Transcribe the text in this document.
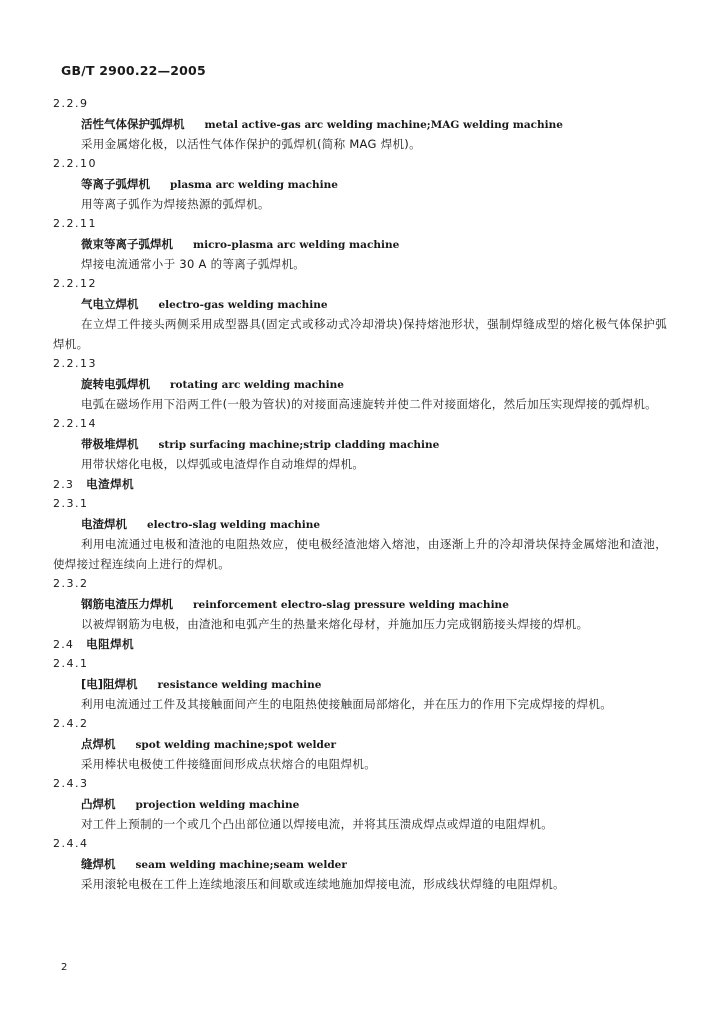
GB/T 2900.22—2005
2.2.9
活性气体保护弧焊机 metal active-gas arc welding machine;MAG welding machine

采用金属熔化极，以活性气体作保护的弧焊机(简称 MAG 焊机)。

2.2.10
等离子弧焊机 plasma arc welding machine

用等离子弧作为焊接热源的弧焊机。

2.2.11
微束等离子弧焊机 micro-plasma arc welding machine

焊接电流通常小于 30 A 的等离子弧焊机。

2.2.12
气电立焊机 electro-gas welding machine

在立焊工件接头两侧采用成型器具(固定式或移动式冷却滑块)保持熔池形状，强制焊缝成型的熔化极气体保护弧焊机。

2.2.13
旋转电弧焊机 rotating arc welding machine

电弧在磁场作用下沿两工件(一般为管状)的对接面高速旋转并使二件对接面熔化，然后加压实现焊接的弧焊机。

2.2.14
带极堆焊机 strip surfacing machine;strip cladding machine

用带状熔化电极，以焊弧或电渣焊作自动堆焊的焊机。

2.3 电渣焊机
2.3.1
电渣焊机 electro-slag welding machine

利用电流通过电极和渣池的电阻热效应，使电极经渣池熔入熔池，由逐渐上升的冷却滑块保持金属熔池和渣池，使焊接过程连续向上进行的焊机。

2.3.2
钢筋电渣压力焊机 reinforcement electro-slag pressure welding machine

以被焊钢筋为电极，由渣池和电弧产生的热量来熔化母材，并施加压力完成钢筋接头焊接的焊机。

2.4 电阻焊机
2.4.1
[电]阻焊机 resistance welding machine

利用电流通过工件及其接触面间产生的电阻热使接触面局部熔化，并在压力的作用下完成焊接的焊机。

2.4.2
点焊机 spot welding machine;spot welder

采用棒状电极使工件接缝面间形成点状熔合的电阻焊机。

2.4.3
凸焊机 projection welding machine

对工件上预制的一个或几个凸出部位通以焊接电流，并将其压溃成焊点或焊道的电阻焊机。

2.4.4
缝焊机 seam welding machine;seam welder

采用滚轮电极在工件上连续地滚压和间歇或连续地施加焊接电流，形成线状焊缝的电阻焊机。

2
